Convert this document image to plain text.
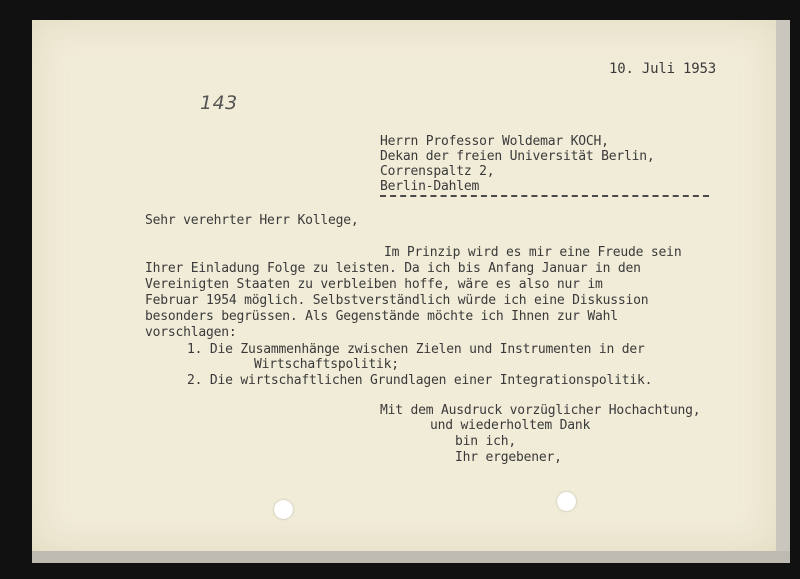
10. Juli 1953
143
Herrn Professor Woldemar KOCH,
Dekan der freien Universität Berlin,
Correnspaltz 2,
Berlin-Dahlem
Sehr verehrter Herr Kollege,
Im Prinzip wird es mir eine Freude sein
Ihrer Einladung Folge zu leisten. Da ich bis Anfang Januar in den
Vereinigten Staaten zu verbleiben hoffe, wäre es also nur im
Februar 1954 möglich. Selbstverständlich würde ich eine Diskussion
besonders begrüssen. Als Gegenstände möchte ich Ihnen zur Wahl
vorschlagen:
1. Die Zusammenhänge zwischen Zielen und Instrumenten in der
Wirtschaftspolitik;
2. Die wirtschaftlichen Grundlagen einer Integrationspolitik.
Mit dem Ausdruck vorzüglicher Hochachtung,
und wiederholtem Dank
bin ich,
Ihr ergebener,
